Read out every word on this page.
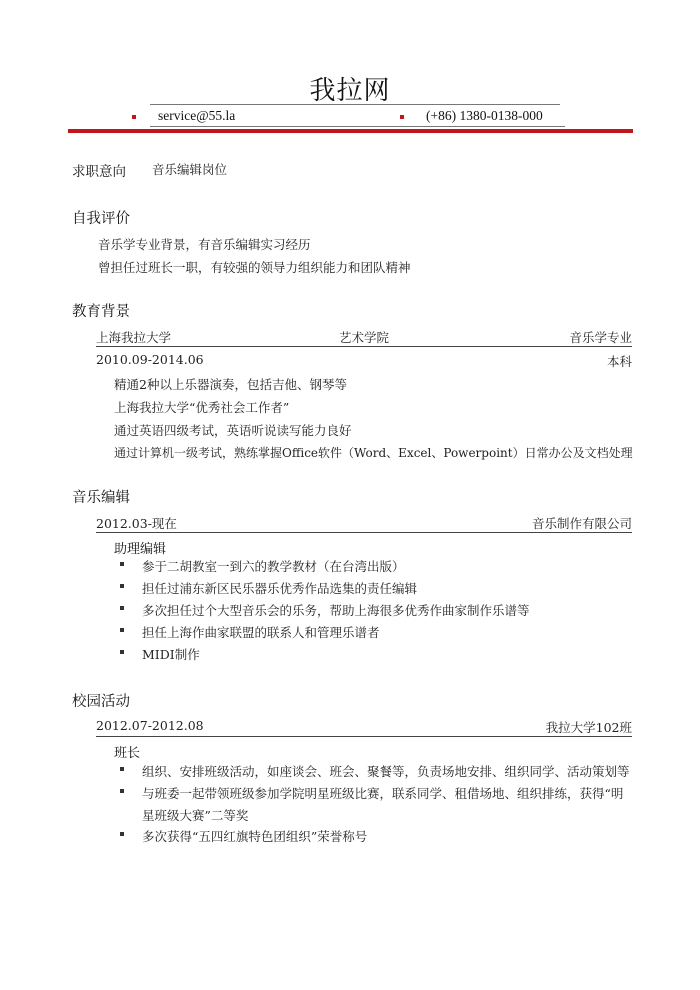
我拉网
service@55.la	(+86) 1380-0138-000
求职意向 音乐编辑岗位
自我评价
音乐学专业背景，有音乐编辑实习经历
曾担任过班长一职，有较强的领导力组织能力和团队精神
教育背景
上海我拉大学	艺术学院	音乐学专业
2010.09-2014.06	本科
精通2种以上乐器演奏，包括吉他、钢琴等
上海我拉大学“优秀社会工作者”
通过英语四级考试，英语听说读写能力良好
通过计算机一级考试，熟练掌握Office软件（Word、Excel、Powerpoint）日常办公及文档处理
音乐编辑
2012.03-现在	音乐制作有限公司
助理编辑
参于二胡教室一到六的教学教材（在台湾出版）
担任过浦东新区民乐器乐优秀作品选集的责任编辑
多次担任过个大型音乐会的乐务，帮助上海很多优秀作曲家制作乐谱等
担任上海作曲家联盟的联系人和管理乐谱者
MIDI制作
校园活动
2012.07-2012.08	我拉大学102班
班长
组织、安排班级活动，如座谈会、班会、聚餐等，负责场地安排、组织同学、活动策划等
与班委一起带领班级参加学院明星班级比赛，联系同学、租借场地、组织排练，获得“明星班级大赛”二等奖
多次获得“五四红旗特色团组织”荣誉称号
